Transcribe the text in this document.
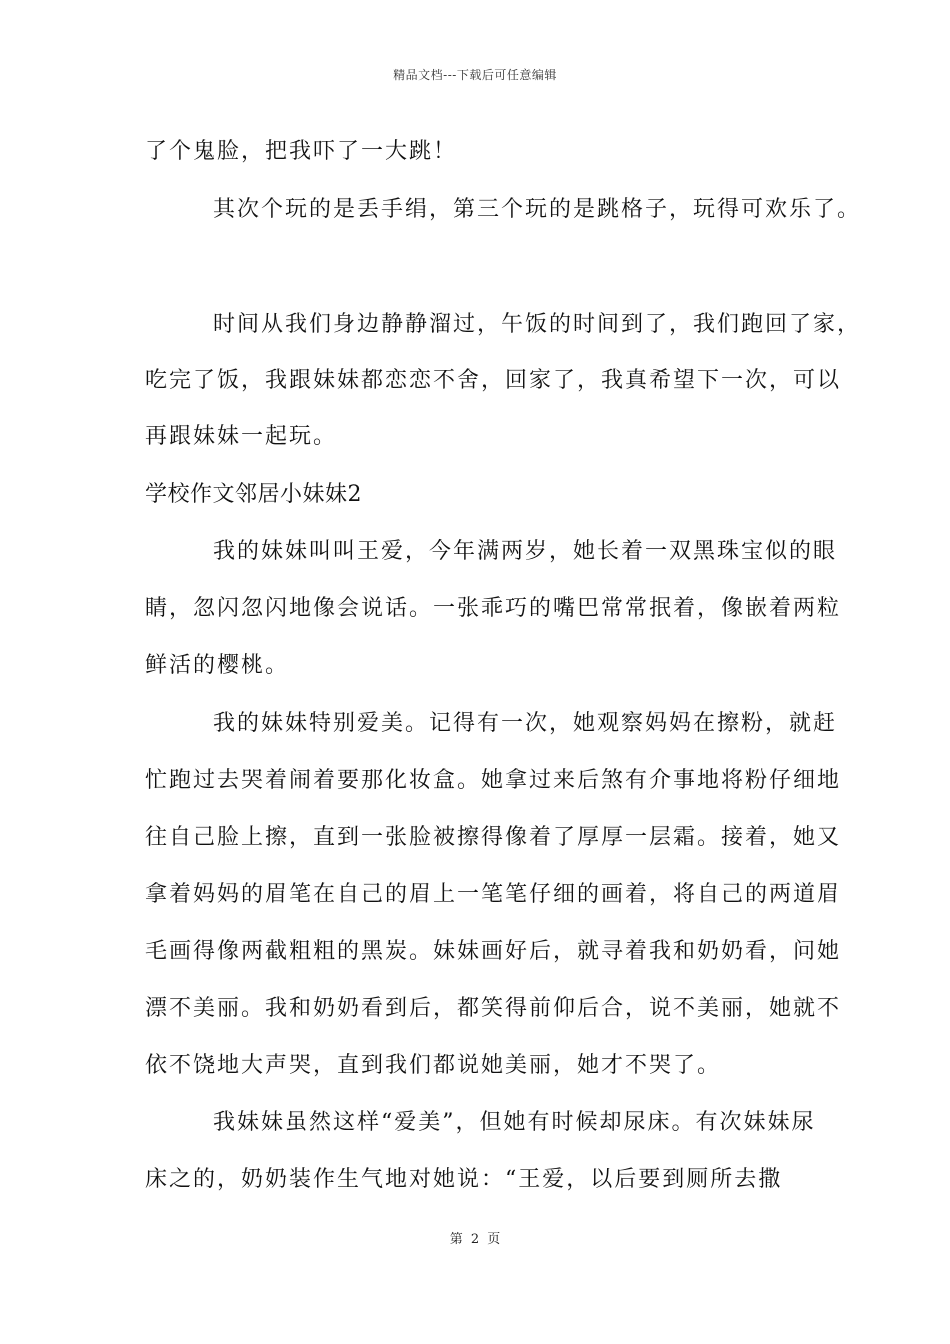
精品文档---下载后可任意编辑
了个鬼脸，把我吓了一大跳！
其次个玩的是丢手绢，第三个玩的是跳格子，玩得可欢乐了。
时间从我们身边静静溜过，午饭的时间到了，我们跑回了家，
吃完了饭，我跟妹妹都恋恋不舍，回家了，我真希望下一次，可以
再跟妹妹一起玩。
学校作文邻居小妹妹2
我的妹妹叫叫王爱，今年满两岁，她长着一双黑珠宝似的眼
睛，忽闪忽闪地像会说话。一张乖巧的嘴巴常常抿着，像嵌着两粒
鲜活的樱桃。
我的妹妹特别爱美。记得有一次，她观察妈妈在擦粉，就赶
忙跑过去哭着闹着要那化妆盒。她拿过来后煞有介事地将粉仔细地
往自己脸上擦，直到一张脸被擦得像着了厚厚一层霜。接着，她又
拿着妈妈的眉笔在自己的眉上一笔笔仔细的画着，将自己的两道眉
毛画得像两截粗粗的黑炭。妹妹画好后，就寻着我和奶奶看，问她
漂不美丽。我和奶奶看到后，都笑得前仰后合，说不美丽，她就不
依不饶地大声哭，直到我们都说她美丽，她才不哭了。
我妹妹虽然这样“爱美”，但她有时候却尿床。有次妹妹尿
床之的，奶奶装作生气地对她说：“王爱，以后要到厕所去撒
第 2 页
